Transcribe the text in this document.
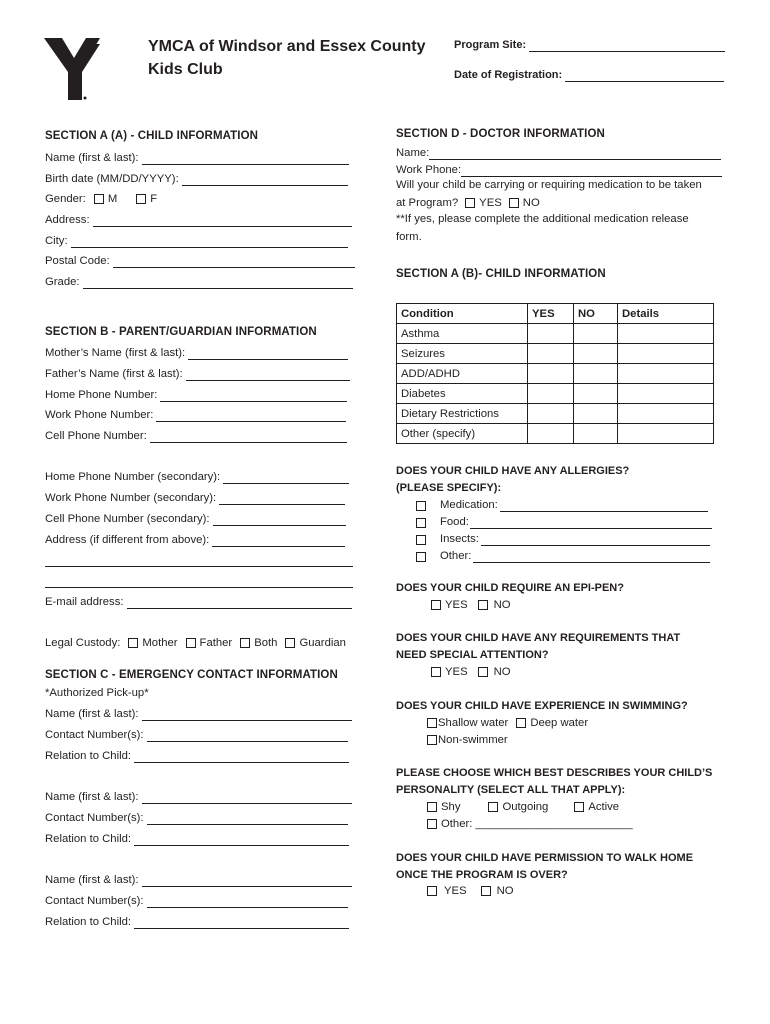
YMCA of Windsor and Essex County
Kids Club
Program Site:
Date of Registration:
SECTION A (A) - CHILD INFORMATION
Name (first & last):
Birth date (MM/DD/YYYY):
Gender: M	F
Address:
City:
Postal Code:
Grade:
SECTION B - PARENT/GUARDIAN INFORMATION
Mother’s Name (first & last):
Father’s Name (first & last):
Home Phone Number:
Work Phone Number:
Cell Phone Number:
Home Phone Number (secondary):
Work Phone Number (secondary):
Cell Phone Number (secondary):
Address (if different from above):
E-mail address:
Legal Custody: Mother Father Both Guardian
SECTION C - EMERGENCY CONTACT INFORMATION
*Authorized Pick-up*
Name (first & last):
Contact Number(s):
Relation to Child:
Name (first & last):
Contact Number(s):
Relation to Child:
Name (first & last):
Contact Number(s):
Relation to Child:
SECTION D - DOCTOR INFORMATION
Name:
Work Phone:
Will your child be carrying or requiring medication to be taken
at Program? YES NO
**If yes, please complete the additional medication release
form.
SECTION A (B)- CHILD INFORMATION
Condition	YES	NO	Details
Asthma			
Seizures			
ADD/ADHD			
Diabetes			
Dietary Restrictions			
Other (specify)			
DOES YOUR CHILD HAVE ANY ALLERGIES?
(PLEASE SPECIFY):
Medication:
Food:
Insects:
Other:
DOES YOUR CHILD REQUIRE AN EPI-PEN?
YES NO
DOES YOUR CHILD HAVE ANY REQUIREMENTS THAT
NEED SPECIAL ATTENTION?
YES NO
DOES YOUR CHILD HAVE EXPERIENCE IN SWIMMING?
Shallow water Deep water
Non-swimmer
PLEASE CHOOSE WHICH BEST DESCRIBES YOUR CHILD’S
PERSONALITY (SELECT ALL THAT APPLY):
Shy	Outgoing	Active
Other: _________________________
DOES YOUR CHILD HAVE PERMISSION TO WALK HOME
ONCE THE PROGRAM IS OVER?
YES	NO
